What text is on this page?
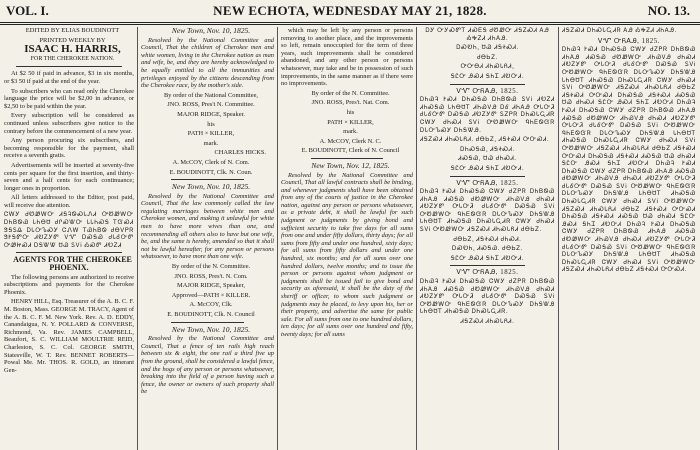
NEW ECHOTA, WEDNESDAY MAY 21, 1828.
VOL. I.	NO. 13.

EDITED BY ELIAS BOUDINOTT

PRINTED WEEKLY BY

ISAAC H. HARRIS,

FOR THE CHEROKEE NATION.

At $2 50 if paid in advance, $3 in six months, or $3 50 if paid at the end of the year.

To subscribers who can read only the Cherokee language the price will be $2,00 in advance, or $2,50 to be paid within the year.

Every subscription will be considered as continued unless subscribers give notice to the contrary before the commencement of a new year.

Any person procuring six subscribers, and becoming responsible for the payment, shall receive a seventh gratis.

Advertisements will be inserted at seventy-five cents per square for the first insertion, and thirty-seven and a half cents for each continuance; longer ones in proportion.

All letters addressed to the Editor, post paid, will receive due attention.

ᏣᎳᎩ ᏧᏬᏪᎳᏅ ᏗᎦᎸᏫᏍᏓᏁᏗ ᎤᏬᏪᎳᏅ ᎠᏂᏴᏫᏯ ᏓᏂᎾᏌ ᏧᎵᏍᏔᏅ ᏓᏓᏂᏍᎦ ᎢᏳᏍᏗ ᏕᎦᏚᎲ ᎠᏓᏅᏖᏍᎩ ᏣᏁᎳ ᎢᏯᏂᏴᏫ ᏧᎾᏙᏢᏒ ᏕᎨᎦᏛᏅ ᏗᎧᏃᎩᏛ ᏙᏉ ᎠᏍᎦᏯ ᏧᏓᎴᏅᏛ ᎤᏪᏥᏍᏗ ᎠᎦᏔᏔ ᏌᏊ ᏚᏙᎥ ᎣᏍᏛ ᏗᎧᏃᏗ

AGENTS FOR THE CHEROKEE PHOENIX.

The following persons are authorized to receive subscriptions and payments for the Cherokee Phoenix.

HENRY HILL, Esq. Treasurer of the A. B. C. F. M. Boston, Mass. GEORGE M. TRACY, Agent of the A. B. C. F. M. New York. Rev. A. D. EDDY, Canandaigua, N. Y. POLLARD & CONVERSE, Richmond, Va. Rev. JAMES CAMPBELL, Beaufort, S. C. WILLIAM MOULTRIE REID, Charleston, S. C. Col. GEORGE SMITH, Statesville, W. T. Rev. BENNET ROBERTS—Powal Me. Mr. THOS. R. GOLD, an itinerant Gen-

New Town, Nov. 10, 1825.

Resolved by the National Committee and Council, That the children of Cherokee men and white women, living in the Cherokee nation as man and wife, be, and they are hereby acknowledged to be equally entitled to all the immunities and privileges enjoyed by the citizens descending from the Cherokee race, by the mother's side.

By order of the National Committee,

JNO. ROSS, Pres't N. Committee.

MAJOR RIDGE, Speaker.

his

PATH × KILLER,

mark.

CHARLES HICKS.

A. McCOY, Clerk of N. Com.

E. BOUDINOTT, Clk. N. Coun.

New Town, Nov. 10, 1825.

Resolved by the National Committee and Council, That the law commonly called the law regulating marriages between white men and Cherokee women, and making it unlawful for white men to have more wives than one, and recommending all others also to have but one wife, be, and the same is hereby, amended so that it shall not be lawful hereafter, for any person or persons whatsoever, to have more than one wife.

By order of the N. Committee.

JNO. ROSS, Pres't. N. Com.

MAJOR RIDGE, Speaker,

Approved—PATH × KILLER.

A. McCOY, Clk.

E. BOUDINOTT, Clk. N. Council

New Town, Nov. 10, 1825.

Resolved by the National Committee and Council, That a fence of ten rails high reach between six & eight, the one rail a third five up from the ground, shall be considered a lawful fence, and the hogs of any person or persons whatsoever, breaking into the field of a person having such a fence, the owner or owners of such property shall be

which may be left by any person or persons removing to another place, and the improvements so left, remain unoccupied for the term of three years, such improvements shall be considered abandoned, and any other person or persons whatsoever, may take and be in possession of such improvements, in the same manner as if there were no improvements.

By order of the N. Committee.

JNO. ROSS, Pres't. Nat. Com.

his

PATH × KILLER,

mark.

A. McCOY, Clerk N. C.

E. BOUDINOTT, Clerk of N. Council

New Town, Nov. 12, 1825.

Resolved by the National Committee and Council, That all lawful contracts shall be binding, and whenever judgments shall have been obtained from any of the courts of justice in the Cherokee nation, against any person or persons whatsoever, as a private debt, it shall be lawful for such judgment or judgments by giving bond and sufficient security to take five days for all sums from one and under fifty dollars, thirty days; for all sums from fifty and under one hundred, sixty days; for all sums from fifty dollars and under one hundred, six months; and for all sums over one hundred dollars, twelve months; and to issue the person or persons against whom judgment or judgments shall be issued fail to give bond and security as aforesaid, it shall be the duty of the sheriff or officer, to whom such judgment or judgments may be placed, to levy upon his, her or their property, and advertise the same for public sale. For all sums from one to one hundred dollars, ten days; for all sums over one hundred and fifty, twenty days; for all sums

ᎠᎩ ᏅᎩᏍᏛᎢ ᏗᏍᎬᎦ ᏧᏬᏪᏅ ᏗᎦᏃᏍᏗ ᎪᎯ ᎣᎭᏃᏗ ᏗᏂᎪᎯ.

ᎠᏍᎧᏂ, ᏌᏊ ᏗᎦᏐᏍᏗ.

ᏧᎾᏏᏃ.

ᎤᏅᎾᏗ ᏗᏂᏍᏓᏲᏗ,

ᎦᏝᏅ ᎯᏍᏗ ᎦᏂᏆ ᏗᎧᏅᏗ.

ᏙᏉ ᏅᏲᎪᎯ, 1825.

ᎠᏂᏯᎸ ᎨᏍᏗ ᎠᏂᏍᎦᏯ ᎠᏂᏴᏫᏯ ᏚᏙᎥ ᏗᎧᏃᏗ ᏗᏂᏍᎦᏯ ᏓᏂᎾᏌᎢ ᏗᏂᏯᏙᎯ ᎠᎴ ᏗᏂᎪᎯ ᎤᏓᏅᏘ ᏧᏓᎴᏅᏛ ᎠᏍᎦᏯ ᏗᎧᏃᎩᏛ ᏚᏃᏢᏒ ᎠᏂᏍᏓᏩᏗᏒ ᏣᎳᎩ ᏧᏂᏍᏗ ᏚᏙᎥ ᎤᏬᏪᎳᏅ ᏄᏂᎬᏫᏳᏒ ᎠᏓᏅᏖᏍᎩ ᎠᏂᎦᏔᎯ.

ᏗᎦᏃᏍᏗ ᏗᏂᏍᏓᏲᏗ. ᏧᎾᏏᏃ, ᏗᎦᏐᏍᏗ ᎤᏅᏍᏗ.

ᎠᏂᏍᎦᏯ, ᏗᎦᏐᏍᏗ.

ᏗᏍᎦᏯ, ᏌᏊ ᏧᏂᏍᏗ.

ᎦᏝᏅ ᎯᏍᏗ ᎦᏂᏆ ᏗᎧᏅᏗ.

ᏙᏉ ᏅᏲᎪᎯ, 1825.

ᎠᏂᏯᎸ ᎨᏍᏗ ᎠᏂᏍᎦᏯ ᏣᎳᎩ ᏧᏃᏢᏒ ᎠᏂᏴᏫᏯ ᏗᏂᎪᎯ ᏗᏍᎦᏯ ᏧᏬᏪᎳᏅ ᏗᏂᏯᏙᎯ ᏧᏂᏍᏗ ᏗᎧᏃᎩᏛ ᎤᏓᏅᏘ ᏧᏓᎴᏅᏛ ᎠᏍᎦᏯ ᏚᏙᎥ ᎤᏬᏪᎳᏅ ᏄᏂᎬᏫᏳᏒ ᎠᏓᏅᏖᏍᎩ ᎠᏂᎦᏔᎯ ᏓᏂᎾᏌᎢ ᏗᏂᏍᎦᏯ ᎠᏂᏍᏓᏩᏗᏒ ᏣᎳᎩ ᏧᏂᏍᏗ ᏚᏙᎥ ᎤᏬᏪᎳᏅ ᏗᎦᏃᏍᏗ ᏗᏂᏍᏓᏲᏗ ᏧᎾᏏᏃ.

ᏧᎾᏏᏃ, ᏗᎦᏐᏍᏗ ᏧᏂᏍᏗ.

ᎠᏍᎧᏂ, ᏗᏍᎦᏯ. ᏧᎾᏏᏃ.

ᎦᏝᏅ ᎯᏍᏗ ᎦᏂᏆ ᏗᎧᏅᏗ.

ᏙᏉ ᏅᏲᎪᎯ, 1825.

ᎠᏂᏯᎸ ᎨᏍᏗ ᎠᏂᏍᎦᏯ ᏣᎳᎩ ᏧᏃᏢᏒ ᎠᏂᏴᏫᏯ ᏗᏂᎪᎯ ᏗᏍᎦᏯ ᏧᏬᏪᎳᏅ ᏗᏂᏯᏙᎯ ᏧᏂᏍᏗ ᏗᎧᏃᎩᏛ ᎤᏓᏅᏘ ᏧᏓᎴᏅᏛ ᎠᏍᎦᏯ ᏚᏙᎥ ᎤᏬᏪᎳᏅ ᏄᏂᎬᏫᏳᏒ ᎠᏓᏅᏖᏍᎩ ᎠᏂᎦᏔᎯ ᏓᏂᎾᏌᎢ ᏗᏂᏍᎦᏯ ᎠᏂᏍᏓᏩᏗᏒ.

ᏗᎦᏃᏍᏗ ᏗᏂᏍᏓᏲᏗ.

ᏗᎦᏃᏍᏗ ᎠᏂᏍᏓᏩᏗᏒ ᎪᎯ ᎣᎭᏃᏗ ᏗᏂᎪᎯ.

ᏙᏉ ᏅᏲᎪᎯ, 1825.

ᎠᏂᏯᎸ ᎨᏍᏗ ᎠᏂᏍᎦᏯ ᏣᎳᎩ ᏧᏃᏢᏒ ᎠᏂᏴᏫᏯ ᏗᏂᎪᎯ ᏗᏍᎦᏯ ᏧᏬᏪᎳᏅ ᏗᏂᏯᏙᎯ ᏧᏂᏍᏗ ᏗᎧᏃᎩᏛ ᎤᏓᏅᏘ ᏧᏓᎴᏅᏛ ᎠᏍᎦᏯ ᏚᏙᎥ ᎤᏬᏪᎳᏅ ᏄᏂᎬᏫᏳᏒ ᎠᏓᏅᏖᏍᎩ ᎠᏂᎦᏔᎯ ᏓᏂᎾᏌᎢ ᏗᏂᏍᎦᏯ ᎠᏂᏍᏓᏩᏗᏒ ᏣᎳᎩ ᏧᏂᏍᏗ ᏚᏙᎥ ᎤᏬᏪᎳᏅ ᏗᎦᏃᏍᏗ ᏗᏂᏍᏓᏲᏗ ᏧᎾᏏᏃ ᏗᎦᏐᏍᏗ ᎤᏅᏍᏗ ᎠᏂᏍᎦᏯ ᏗᎦᏐᏍᏗ ᏗᏍᎦᏯ ᏌᏊ ᏧᏂᏍᏗ ᎦᏝᏅ ᎯᏍᏗ ᎦᏂᏆ ᏗᎧᏅᏗ ᎠᏂᏯᎸ ᎨᏍᏗ ᎠᏂᏍᎦᏯ ᏣᎳᎩ ᏧᏃᏢᏒ ᎠᏂᏴᏫᏯ ᏗᏂᎪᎯ ᏗᏍᎦᏯ ᏧᏬᏪᎳᏅ ᏗᏂᏯᏙᎯ ᏧᏂᏍᏗ ᏗᎧᏃᎩᏛ ᎤᏓᏅᏘ ᏧᏓᎴᏅᏛ ᎠᏍᎦᏯ ᏚᏙᎥ ᎤᏬᏪᎳᏅ ᏄᏂᎬᏫᏳᏒ ᎠᏓᏅᏖᏍᎩ ᎠᏂᎦᏔᎯ ᏓᏂᎾᏌᎢ ᏗᏂᏍᎦᏯ ᎠᏂᏍᏓᏩᏗᏒ ᏣᎳᎩ ᏧᏂᏍᏗ ᏚᏙᎥ ᎤᏬᏪᎳᏅ ᏗᎦᏃᏍᏗ ᏗᏂᏍᏓᏲᏗ ᏧᎾᏏᏃ ᏗᎦᏐᏍᏗ ᎤᏅᏍᏗ ᎠᏂᏍᎦᏯ ᏗᎦᏐᏍᏗ ᏗᏍᎦᏯ ᏌᏊ ᏧᏂᏍᏗ ᎦᏝᏅ ᎯᏍᏗ ᎦᏂᏆ ᏗᎧᏅᏗ ᎠᏂᏯᎸ ᎨᏍᏗ ᎠᏂᏍᎦᏯ ᏣᎳᎩ ᏧᏃᏢᏒ ᎠᏂᏴᏫᏯ ᏗᏂᎪᎯ ᏗᏍᎦᏯ ᏧᏬᏪᎳᏅ ᏗᏂᏯᏙᎯ ᏧᏂᏍᏗ ᏗᎧᏃᎩᏛ ᎤᏓᏅᏘ ᏧᏓᎴᏅᏛ ᎠᏍᎦᏯ ᏚᏙᎥ ᎤᏬᏪᎳᏅ ᏄᏂᎬᏫᏳᏒ ᎠᏓᏅᏖᏍᎩ ᎠᏂᎦᏔᎯ ᏓᏂᎾᏌᎢ ᏗᏂᏍᎦᏯ ᎠᏂᏍᏓᏩᏗᏒ ᏣᎳᎩ ᏧᏂᏍᏗ ᏚᏙᎥ ᎤᏬᏪᎳᏅ ᏗᎦᏃᏍᏗ ᏗᏂᏍᏓᏲᏗ ᏧᎾᏏᏃ ᏗᎦᏐᏍᏗ ᎤᏅᏍᏗ ᎠᏂᏍᎦᏯ ᏗᎦᏐᏍᏗ ᏗᏍᎦᏯ ᏌᏊ ᏧᏂᏍᏗ ᎦᏝᏅ ᎯᏍᏗ ᎦᏂᏆ ᏗᎧᏅᏗ ᎠᏂᏯᎸ ᎨᏍᏗ ᎠᏂᏍᎦᏯ ᏣᎳᎩ ᏧᏃᏢᏒ ᎠᏂᏴᏫᏯ ᏗᏂᎪᎯ ᏗᏍᎦᏯ ᏧᏬᏪᎳᏅ ᏗᏂᏯᏙᎯ ᏧᏂᏍᏗ ᏗᎧᏃᎩᏛ ᎤᏓᏅᏘ ᏧᏓᎴᏅᏛ ᎠᏍᎦᏯ ᏚᏙᎥ ᎤᏬᏪᎳᏅ ᏄᏂᎬᏫᏳᏒ ᎠᏓᏅᏖᏍᎩ ᎠᏂᎦᏔᎯ ᏓᏂᎾᏌᎢ ᏗᏂᏍᎦᏯ ᎠᏂᏍᏓᏩᏗᏒ ᏣᎳᎩ ᏧᏂᏍᏗ ᏚᏙᎥ ᎤᏬᏪᎳᏅ ᏗᎦᏃᏍᏗ ᏗᏂᏍᏓᏲᏗ ᏧᎾᏏᏃ ᏗᎦᏐᏍᏗ ᎤᏅᏍᏗ.
